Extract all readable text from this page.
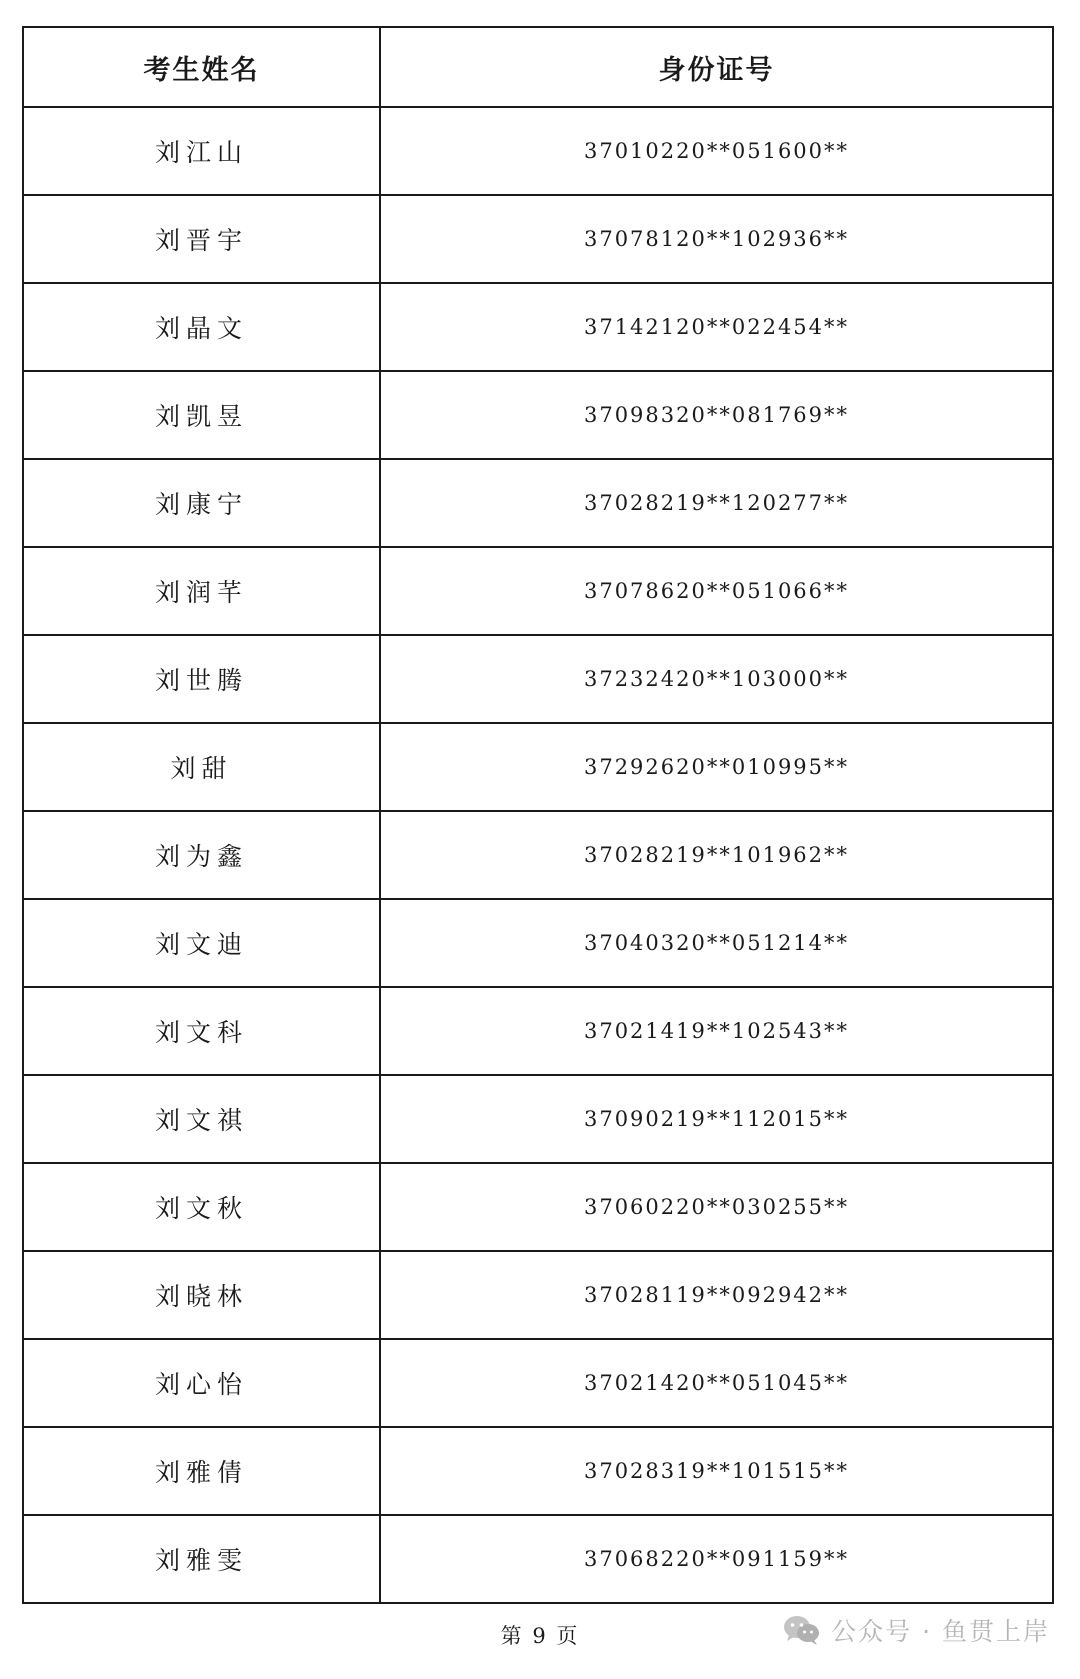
考生姓名	身份证号
刘江山	37010220**051600**
刘晋宇	37078120**102936**
刘晶文	37142120**022454**
刘凯昱	37098320**081769**
刘康宁	37028219**120277**
刘润芊	37078620**051066**
刘世腾	37232420**103000**
刘甜	37292620**010995**
刘为鑫	37028219**101962**
刘文迪	37040320**051214**
刘文科	37021419**102543**
刘文祺	37090219**112015**
刘文秋	37060220**030255**
刘晓林	37028119**092942**
刘心怡	37021420**051045**
刘雅倩	37028319**101515**
刘雅雯	37068220**091159**
第 9 页	公众号 · 鱼贯上岸
